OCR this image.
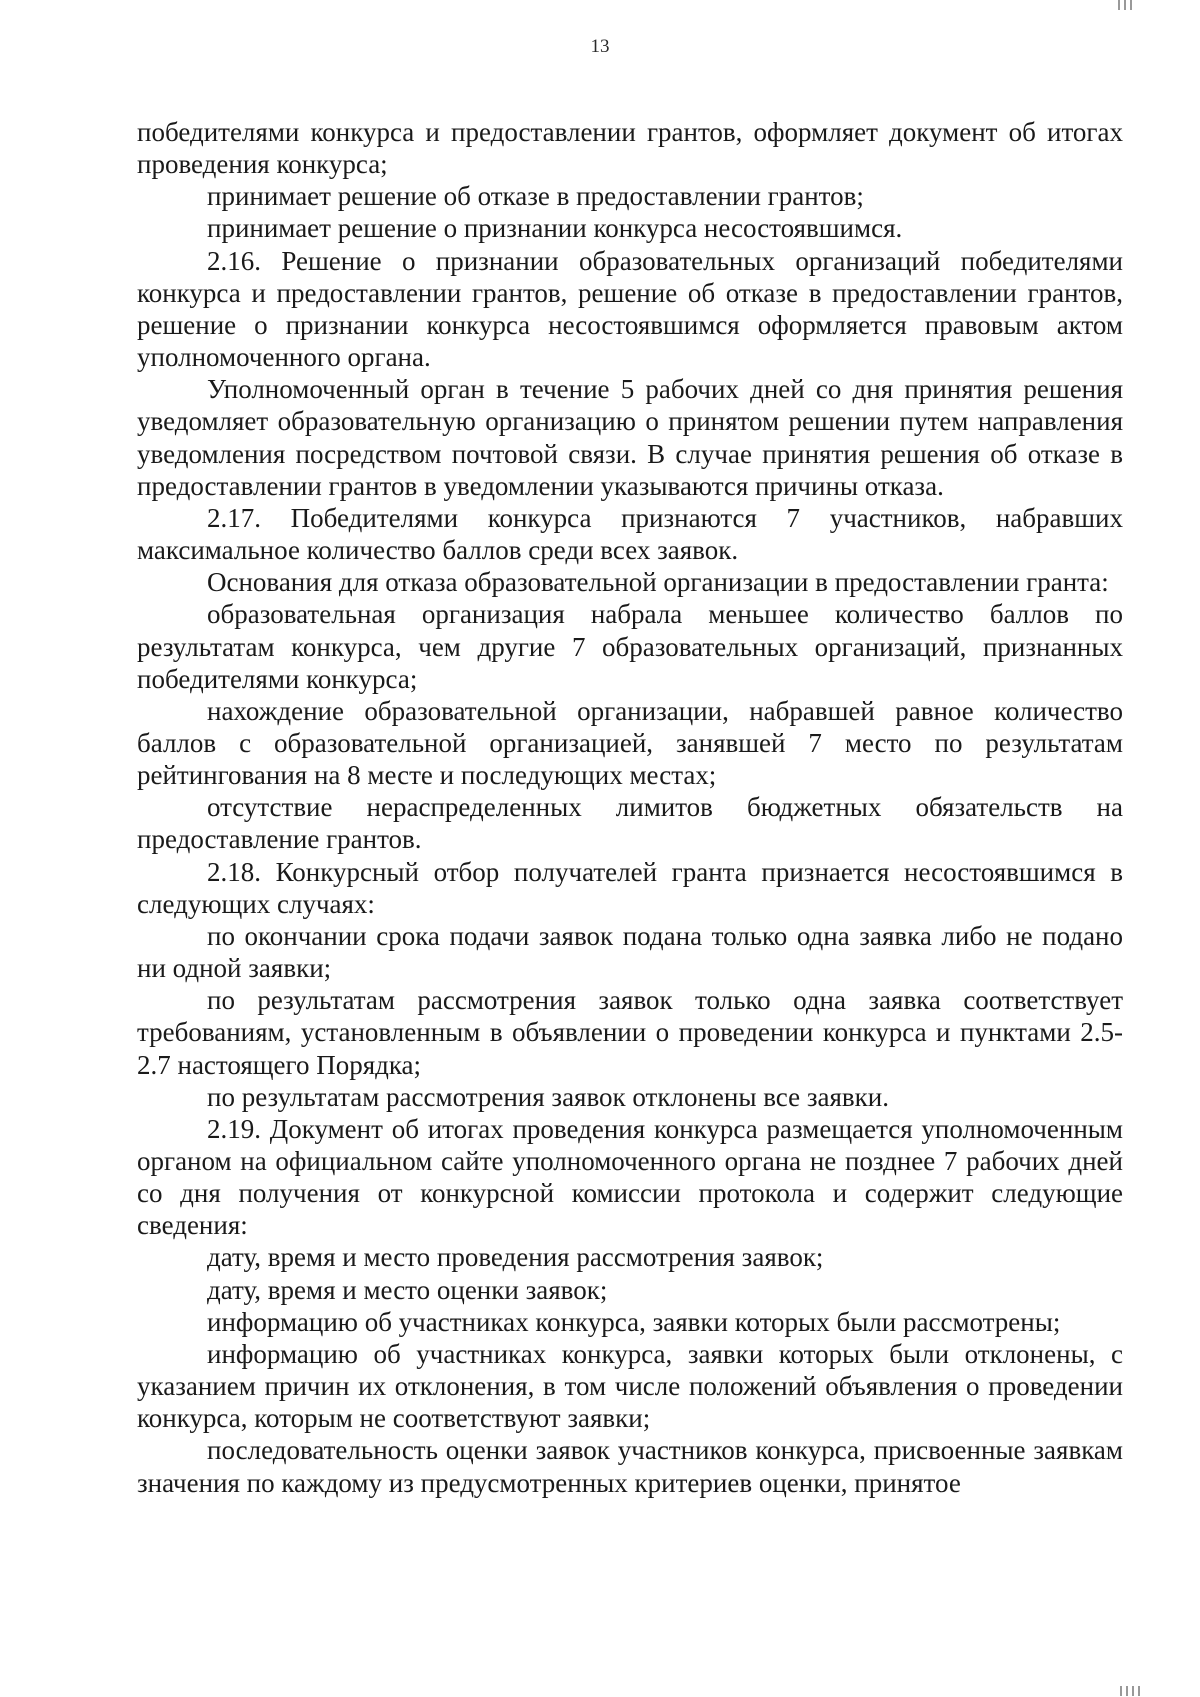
13

победителями конкурса и предоставлении грантов, оформляет документ об итогах проведения конкурса;

принимает решение об отказе в предоставлении грантов;

принимает решение о признании конкурса несостоявшимся.

2.16. Решение о признании образовательных организаций победителями конкурса и предоставлении грантов, решение об отказе в предоставлении грантов, решение о признании конкурса несостоявшимся оформляется правовым актом уполномоченного органа.

Уполномоченный орган в течение 5 рабочих дней со дня принятия решения уведомляет образовательную организацию о принятом решении путем направления уведомления посредством почтовой связи. В случае принятия решения об отказе в предоставлении грантов в уведомлении указываются причины отказа.

2.17. Победителями конкурса признаются 7 участников, набравших максимальное количество баллов среди всех заявок.

Основания для отказа образовательной организации в предоставлении гранта:

образовательная организация набрала меньшее количество баллов по результатам конкурса, чем другие 7 образовательных организаций, признанных победителями конкурса;

нахождение образовательной организации, набравшей равное количество баллов с образовательной организацией, занявшей 7 место по результатам рейтингования на 8 месте и последующих местах;

отсутствие нераспределенных лимитов бюджетных обязательств на предоставление грантов.

2.18. Конкурсный отбор получателей гранта признается несостоявшимся в следующих случаях:

по окончании срока подачи заявок подана только одна заявка либо не подано ни одной заявки;

по результатам рассмотрения заявок только одна заявка соответствует требованиям, установленным в объявлении о проведении конкурса и пунктами 2.5-2.7 настоящего Порядка;

по результатам рассмотрения заявок отклонены все заявки.

2.19. Документ об итогах проведения конкурса размещается уполномоченным органом на официальном сайте уполномоченного органа не позднее 7 рабочих дней со дня получения от конкурсной комиссии протокола и содержит следующие сведения:

дату, время и место проведения рассмотрения заявок;

дату, время и место оценки заявок;

информацию об участниках конкурса, заявки которых были рассмотрены;

информацию об участниках конкурса, заявки которых были отклонены, с указанием причин их отклонения, в том числе положений объявления о проведении конкурса, которым не соответствуют заявки;

последовательность оценки заявок участников конкурса, присвоенные заявкам значения по каждому из предусмотренных критериев оценки, принятое
